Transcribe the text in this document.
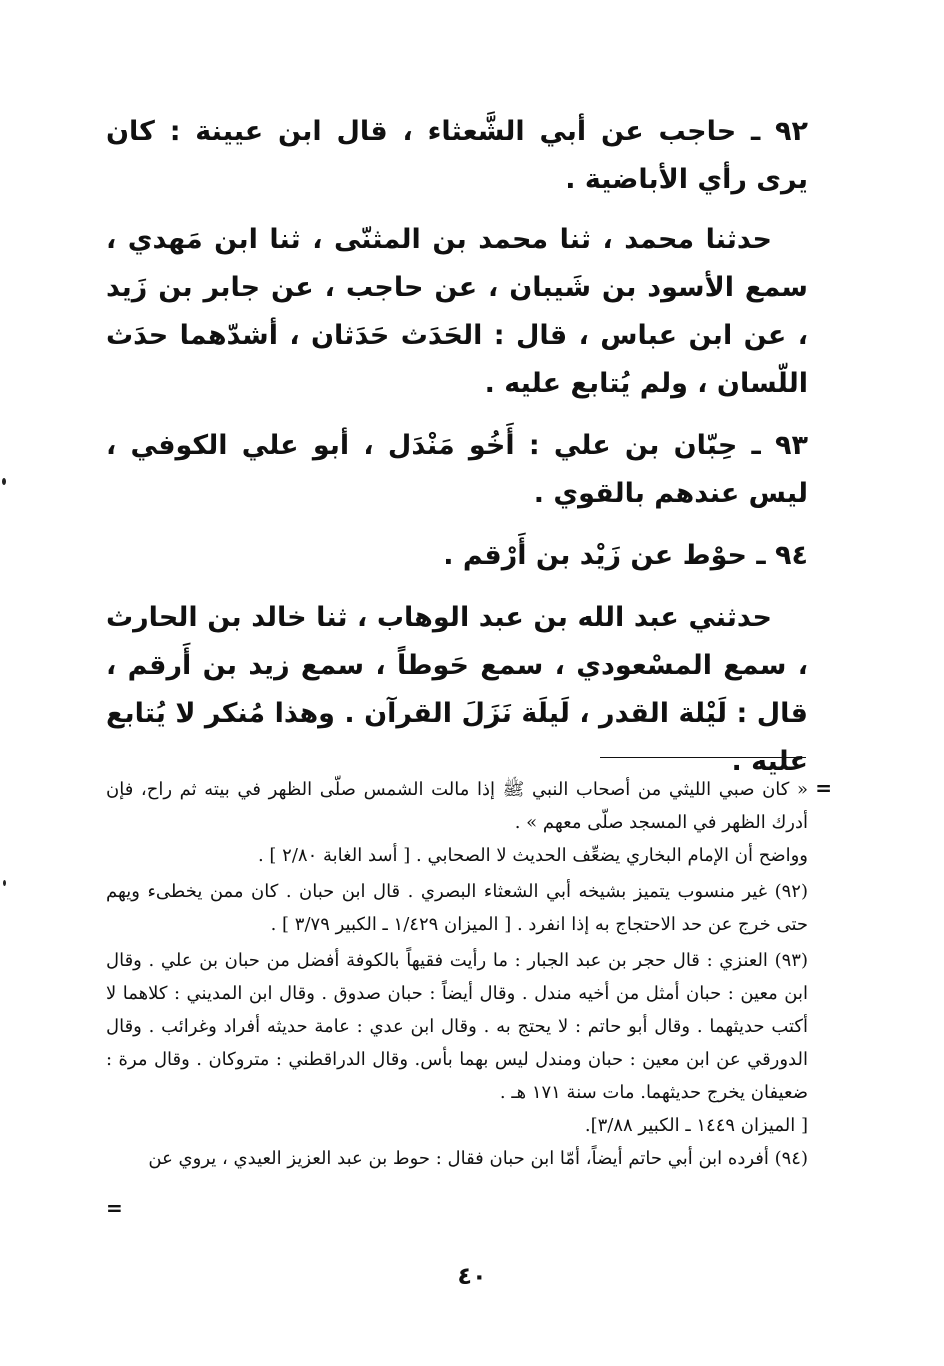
٩٢ ـ حاجب عن أبي الشَّعثاء ، قال ابن عيينة : كان يرى رأي الأباضية .

حدثنا محمد ، ثنا محمد بن المثنّى ، ثنا ابن مَهدي ، سمع الأسود بن شَيبان ، عن حاجب ، عن جابر بن زَيد ، عن ابن عباس ، قال : الحَدَث حَدَثان ، أشدّهما حدَث اللّسان ، ولم يُتابع عليه .

٩٣ ـ حِبّان بن علي : أَخُو مَنْدَل ، أبو علي الكوفي ، ليس عندهم بالقوي .

٩٤ ـ حوْط عن زَيْد بن أَرْقم .

حدثني عبد الله بن عبد الوهاب ، ثنا خالد بن الحارث ، سمع المسْعودي ، سمع حَوطاً ، سمع زيد بن أَرقم ، قال : لَيْلة القدر ، لَيلَة نَزَلَ القرآن . وهذا مُنكر لا يُتابع عليه .

=

« كان صبي الليثي من أصحاب النبي ﷺ إذا مالت الشمس صلّى الظهر في بيته ثم راح، فإن أدرك الظهر في المسجد صلّى معهم » .

وواضح أن الإمام البخاري يضعِّف الحديث لا الصحابي . [ أسد الغابة ٢/٨٠ ] .

(٩٢) غير منسوب يتميز بشيخه أبي الشعثاء البصري . قال ابن حبان . كان ممن يخطىء ويهم حتى خرج عن حد الاحتجاج به إذا انفرد . [ الميزان ١/٤٢٩ ـ الكبير ٣/٧٩ ] .

(٩٣) العنزي : قال حجر بن عبد الجبار : ما رأيت فقيهاً بالكوفة أفضل من حبان بن علي . وقال ابن معين : حبان أمثل من أخيه مندل . وقال أيضاً : حبان صدوق . وقال ابن المديني : كلاهما لا أكتب حديثهما . وقال أبو حاتم : لا يحتج به . وقال ابن عدي : عامة حديثه أفراد وغرائب . وقال الدورقي عن ابن معين : حبان ومندل ليس بهما بأس. وقال الدراقطني : متروكان . وقال مرة : ضعيفان يخرج حديثهما. مات سنة ١٧١ هـ .

[ الميزان ١٤٤٩ ـ الكبير ٣/٨٨].

(٩٤) أفرده ابن أبي حاتم أيضاً، أمّا ابن حبان فقال : حوط بن عبد العزيز العيدي ، يروي عن

=
٤٠
